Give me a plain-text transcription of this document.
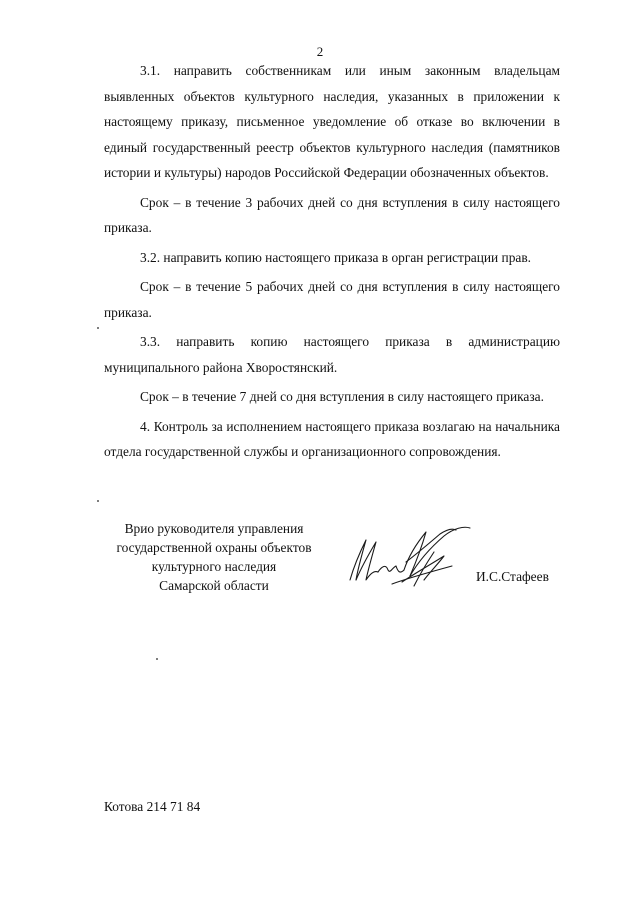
2

3.1. направить собственникам или иным законным владельцам выявленных объектов культурного наследия, указанных в приложении к настоящему приказу, письменное уведомление об отказе во включении в единый государственный реестр объектов культурного наследия (памятников истории и культуры) народов Российской Федерации обозначенных объектов.

Срок – в течение 3 рабочих дней со дня вступления в силу настоящего приказа.

3.2. направить копию настоящего приказа в орган регистрации прав.

Срок – в течение 5 рабочих дней со дня вступления в силу настоящего приказа.

3.3. направить копию настоящего приказа в администрацию муниципального района Хворостянский.

Срок – в течение 7 дней со дня вступления в силу настоящего приказа.

4. Контроль за исполнением настоящего приказа возлагаю на начальника отдела государственной службы и организационного сопровождения.

Врио руководителя управления
государственной охраны объектов
культурного наследия
Самарской области
И.С.Стафеев
Котова 214 71 84
